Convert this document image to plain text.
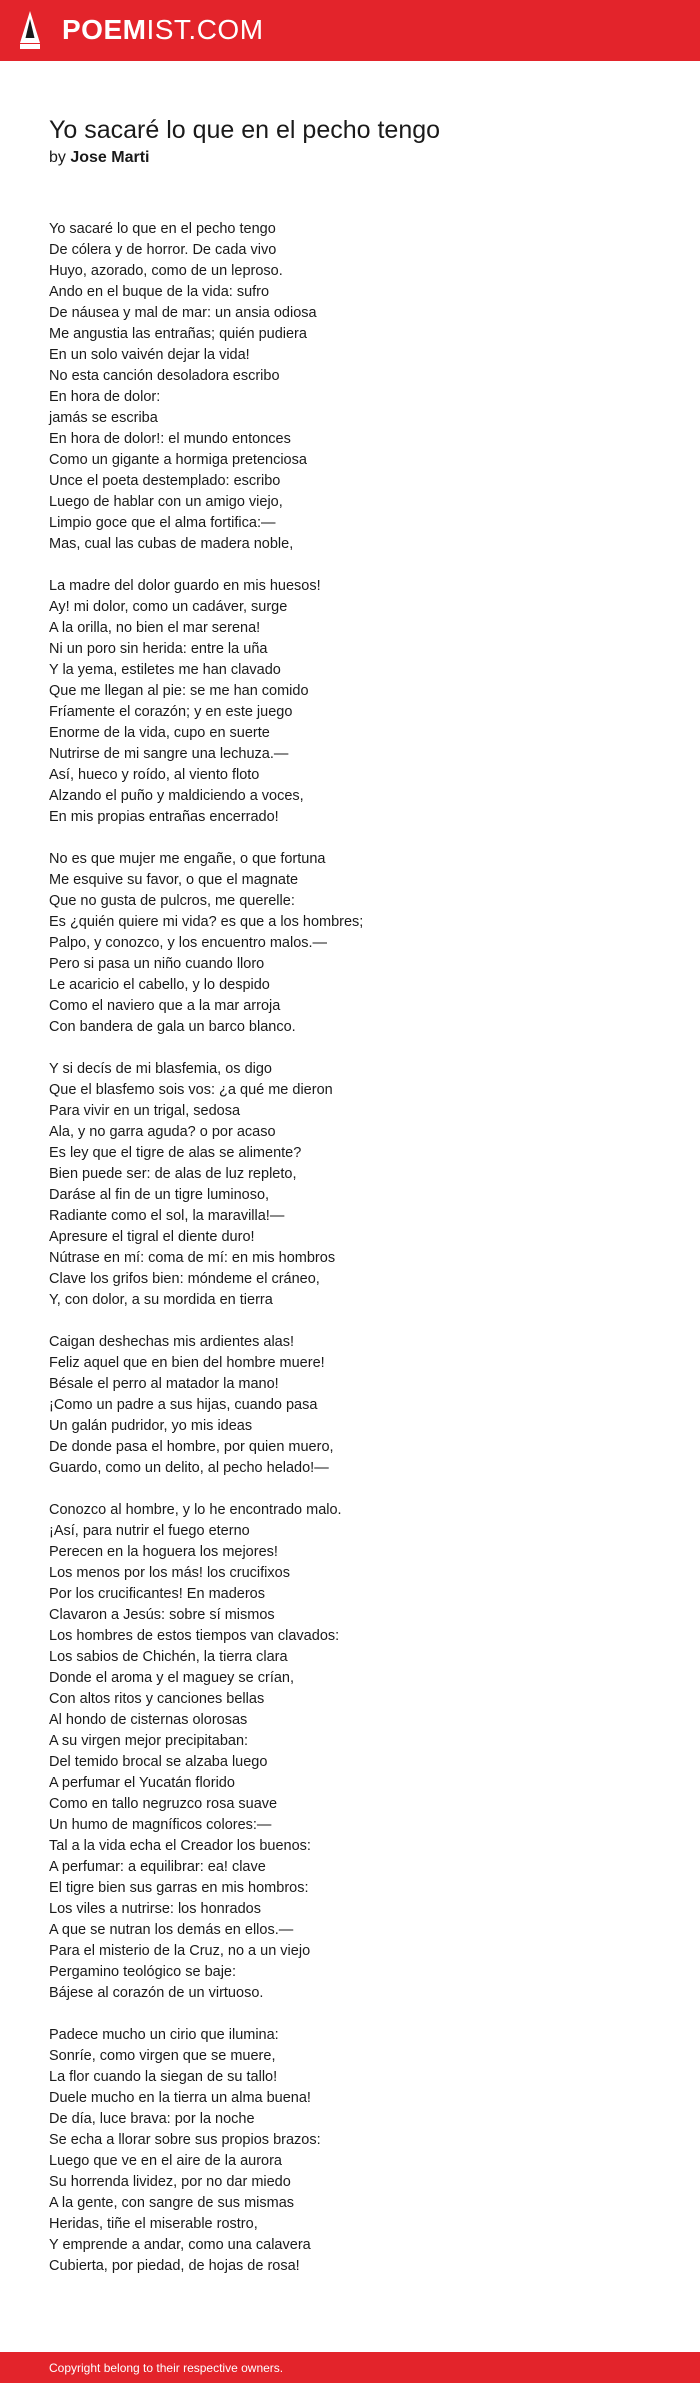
POEMIST.COM
Yo sacaré lo que en el pecho tengo
by Jose Marti
Yo sacaré lo que en el pecho tengo
De cólera y de horror. De cada vivo
Huyo, azorado, como de un leproso.
Ando en el buque de la vida: sufro
De náusea y mal de mar: un ansia odiosa
Me angustia las entrañas; quién pudiera
En un solo vaivén dejar la vida!
No esta canción desoladora escribo
En hora de dolor:
jamás se escriba
En hora de dolor!: el mundo entonces
Como un gigante a hormiga pretenciosa
Unce el poeta destemplado: escribo
Luego de hablar con un amigo viejo,
Limpio goce que el alma fortifica:—
Mas, cual las cubas de madera noble,
La madre del dolor guardo en mis huesos!
Ay! mi dolor, como un cadáver, surge
A la orilla, no bien el mar serena!
Ni un poro sin herida: entre la uña
Y la yema, estiletes me han clavado
Que me llegan al pie: se me han comido
Fríamente el corazón; y en este juego
Enorme de la vida, cupo en suerte
Nutrirse de mi sangre una lechuza.—
Así, hueco y roído, al viento floto
Alzando el puño y maldiciendo a voces,
En mis propias entrañas encerrado!
No es que mujer me engañe, o que fortuna
Me esquive su favor, o que el magnate
Que no gusta de pulcros, me querelle:
Es ¿quién quiere mi vida? es que a los hombres;
Palpo, y conozco, y los encuentro malos.—
Pero si pasa un niño cuando lloro
Le acaricio el cabello, y lo despido
Como el naviero que a la mar arroja
Con bandera de gala un barco blanco.
Y si decís de mi blasfemia, os digo
Que el blasfemo sois vos: ¿a qué me dieron
Para vivir en un trigal, sedosa
Ala, y no garra aguda? o por acaso
Es ley que el tigre de alas se alimente?
Bien puede ser: de alas de luz repleto,
Daráse al fin de un tigre luminoso,
Radiante como el sol, la maravilla!—
Apresure el tigral el diente duro!
Nútrase en mí: coma de mí: en mis hombros
Clave los grifos bien: móndeme el cráneo,
Y, con dolor, a su mordida en tierra
Caigan deshechas mis ardientes alas!
Feliz aquel que en bien del hombre muere!
Bésale el perro al matador la mano!
¡Como un padre a sus hijas, cuando pasa
Un galán pudridor, yo mis ideas
De donde pasa el hombre, por quien muero,
Guardo, como un delito, al pecho helado!—
Conozco al hombre, y lo he encontrado malo.
¡Así, para nutrir el fuego eterno
Perecen en la hoguera los mejores!
Los menos por los más! los crucifixos
Por los crucificantes! En maderos
Clavaron a Jesús: sobre sí mismos
Los hombres de estos tiempos van clavados:
Los sabios de Chichén, la tierra clara
Donde el aroma y el maguey se crían,
Con altos ritos y canciones bellas
Al hondo de cisternas olorosas
A su virgen mejor precipitaban:
Del temido brocal se alzaba luego
A perfumar el Yucatán florido
Como en tallo negruzco rosa suave
Un humo de magníficos colores:—
Tal a la vida echa el Creador los buenos:
A perfumar: a equilibrar: ea! clave
El tigre bien sus garras en mis hombros:
Los viles a nutrirse: los honrados
A que se nutran los demás en ellos.—
Para el misterio de la Cruz, no a un viejo
Pergamino teológico se baje:
Bájese al corazón de un virtuoso.
Padece mucho un cirio que ilumina:
Sonríe, como virgen que se muere,
La flor cuando la siegan de su tallo!
Duele mucho en la tierra un alma buena!
De día, luce brava: por la noche
Se echa a llorar sobre sus propios brazos:
Luego que ve en el aire de la aurora
Su horrenda lividez, por no dar miedo
A la gente, con sangre de sus mismas
Heridas, tiñe el miserable rostro,
Y emprende a andar, como una calavera
Cubierta, por piedad, de hojas de rosa!
Copyright belong to their respective owners.
